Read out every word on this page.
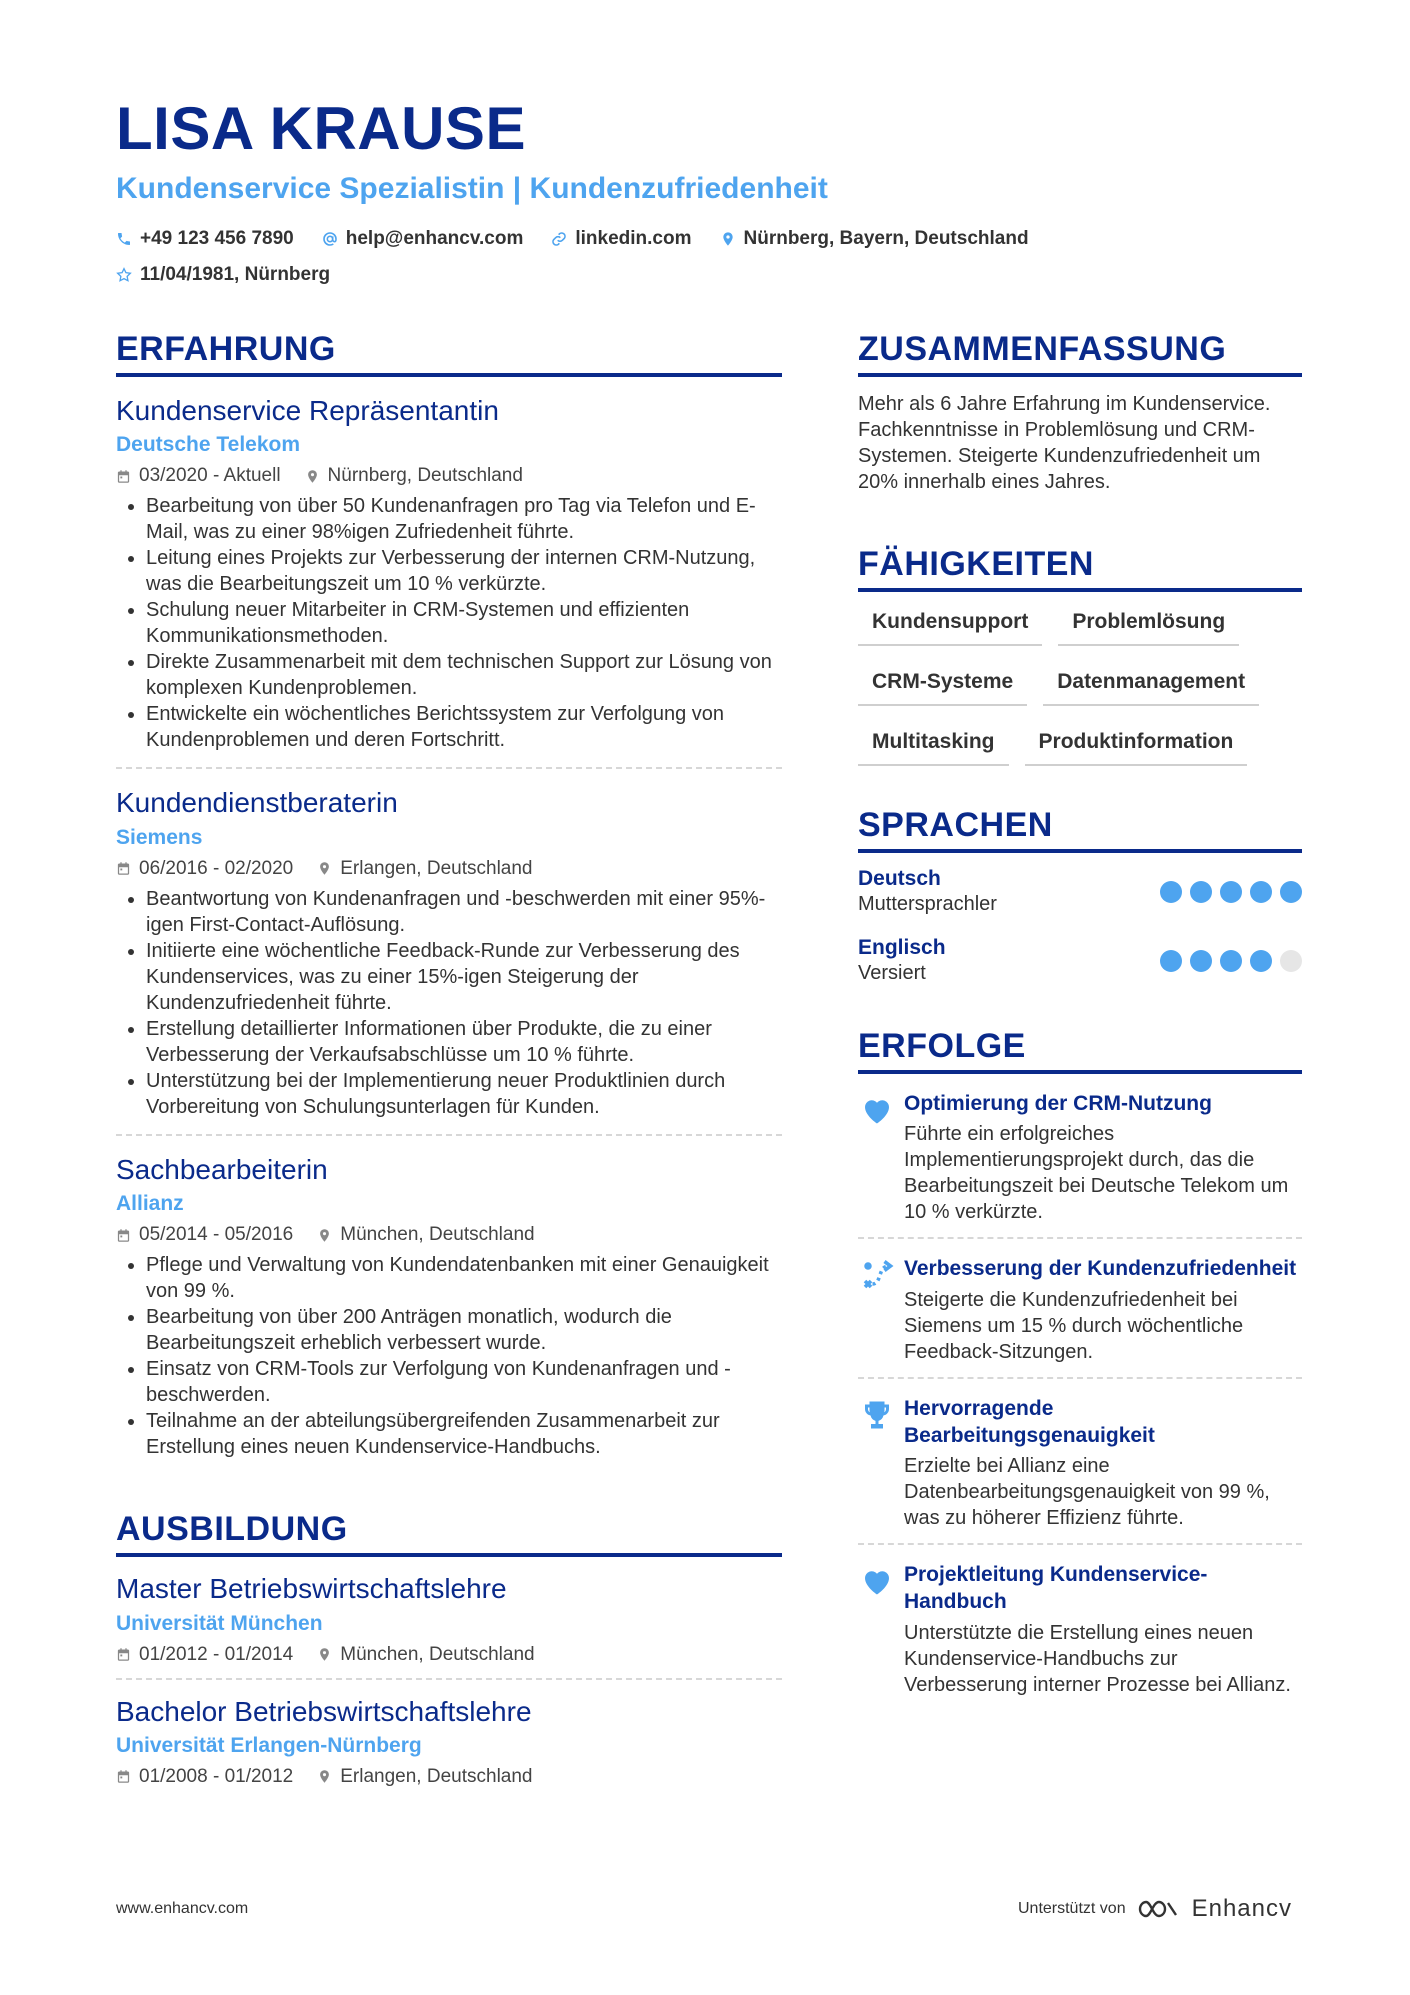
LISA KRAUSE
Kundenservice Spezialistin | Kundenzufriedenheit
+49 123 456 7890	help@enhancv.com	linkedin.com	Nürnberg, Bayern, Deutschland
11/04/1981, Nürnberg
ERFAHRUNG
Kundenservice Repräsentantin
Deutsche Telekom
03/2020 - Aktuell Nürnberg, Deutschland
• Bearbeitung von über 50 Kundenanfragen pro Tag via Telefon und E-Mail, was zu einer 98%igen Zufriedenheit führte.
• Leitung eines Projekts zur Verbesserung der internen CRM-Nutzung, was die Bearbeitungszeit um 10 % verkürzte.
• Schulung neuer Mitarbeiter in CRM-Systemen und effizienten Kommunikationsmethoden.
• Direkte Zusammenarbeit mit dem technischen Support zur Lösung von komplexen Kundenproblemen.
• Entwickelte ein wöchentliches Berichtssystem zur Verfolgung von Kundenproblemen und deren Fortschritt.
Kundendienstberaterin
Siemens
06/2016 - 02/2020 Erlangen, Deutschland
• Beantwortung von Kundenanfragen und -beschwerden mit einer 95%-igen First-Contact-Auflösung.
• Initiierte eine wöchentliche Feedback-Runde zur Verbesserung des Kundenservices, was zu einer 15%-igen Steigerung der Kundenzufriedenheit führte.
• Erstellung detaillierter Informationen über Produkte, die zu einer Verbesserung der Verkaufsabschlüsse um 10 % führte.
• Unterstützung bei der Implementierung neuer Produktlinien durch Vorbereitung von Schulungsunterlagen für Kunden.
Sachbearbeiterin
Allianz
05/2014 - 05/2016 München, Deutschland
• Pflege und Verwaltung von Kundendatenbanken mit einer Genauigkeit von 99 %.
• Bearbeitung von über 200 Anträgen monatlich, wodurch die Bearbeitungszeit erheblich verbessert wurde.
• Einsatz von CRM-Tools zur Verfolgung von Kundenanfragen und -beschwerden.
• Teilnahme an der abteilungsübergreifenden Zusammenarbeit zur Erstellung eines neuen Kundenservice-Handbuchs.
AUSBILDUNG
Master Betriebswirtschaftslehre
Universität München
01/2012 - 01/2014 München, Deutschland
Bachelor Betriebswirtschaftslehre
Universität Erlangen-Nürnberg
01/2008 - 01/2012 Erlangen, Deutschland
ZUSAMMENFASSUNG
Mehr als 6 Jahre Erfahrung im Kundenservice. Fachkenntnisse in Problemlösung und CRM-Systemen. Steigerte Kundenzufriedenheit um 20% innerhalb eines Jahres.
FÄHIGKEITEN
Kundensupport	Problemlösung
CRM-Systeme	Datenmanagement
Multitasking	Produktinformation
SPRACHEN
Deutsch
Muttersprachler
Englisch
Versiert
ERFOLGE
Optimierung der CRM-Nutzung
Führte ein erfolgreiches Implementierungsprojekt durch, das die Bearbeitungszeit bei Deutsche Telekom um 10 % verkürzte.
Verbesserung der Kundenzufriedenheit
Steigerte die Kundenzufriedenheit bei Siemens um 15 % durch wöchentliche Feedback-Sitzungen.
Hervorragende Bearbeitungsgenauigkeit
Erzielte bei Allianz eine Datenbearbeitungsgenauigkeit von 99 %, was zu höherer Effizienz führte.
Projektleitung Kundenservice-Handbuch
Unterstützte die Erstellung eines neuen Kundenservice-Handbuchs zur Verbesserung interner Prozesse bei Allianz.
www.enhancv.com	Unterstützt von	Enhancv
